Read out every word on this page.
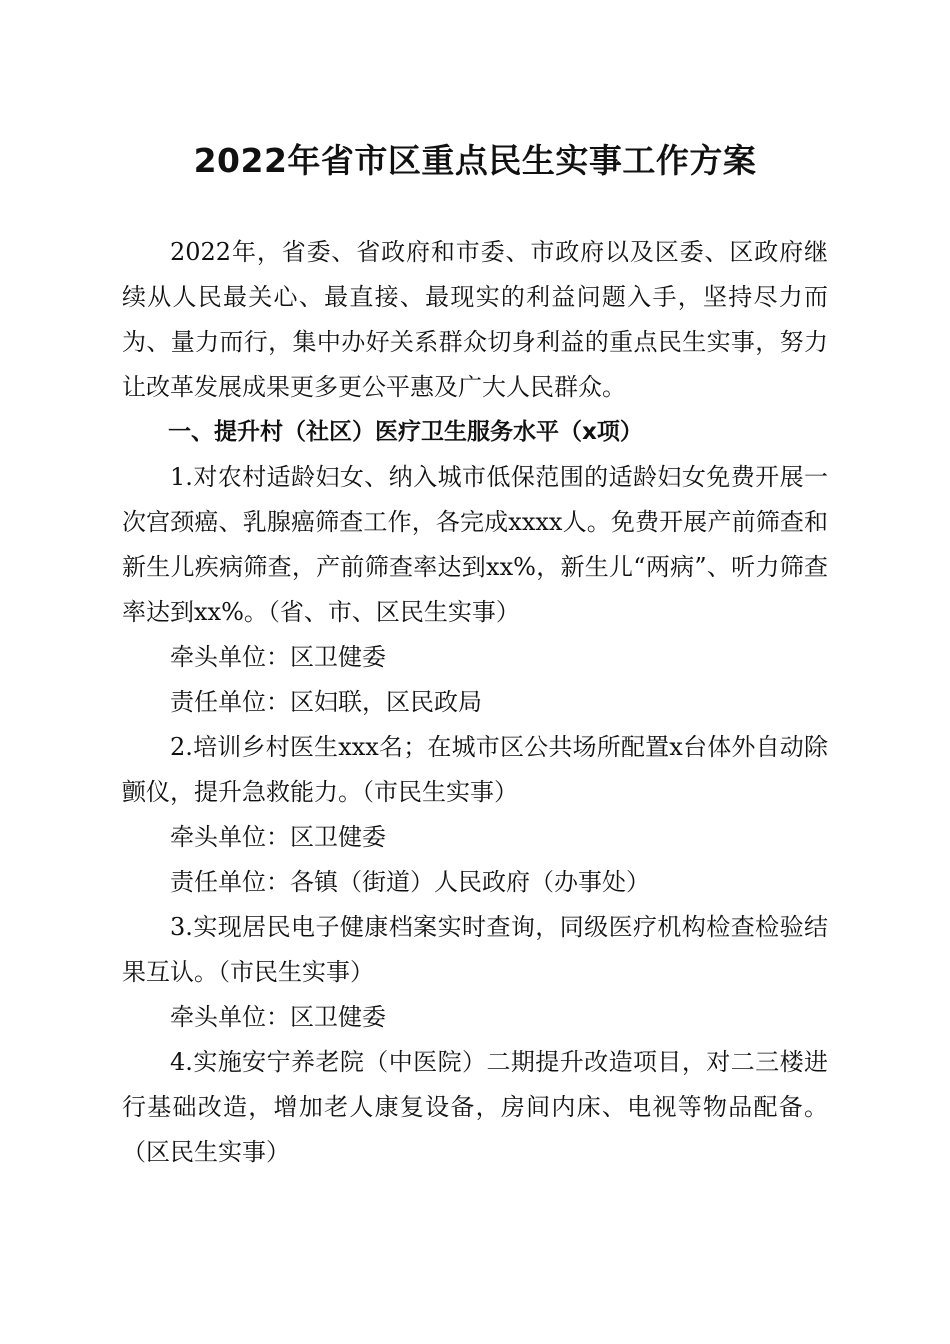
2022年省市区重点民生实事工作方案

2022年，省委、省政府和市委、市政府以及区委、区政府继续从人民最关心、最直接、最现实的利益问题入手，坚持尽力而为、量力而行，集中办好关系群众切身利益的重点民生实事，努力让改革发展成果更多更公平惠及广大人民群众。

一、提升村（社区）医疗卫生服务水平（x项）

1.对农村适龄妇女、纳入城市低保范围的适龄妇女免费开展一次宫颈癌、乳腺癌筛查工作，各完成xxxx人。免费开展产前筛查和新生儿疾病筛查，产前筛查率达到xx%，新生儿“两病”、听力筛查率达到xx%。（省、市、区民生实事）

牵头单位：区卫健委

责任单位：区妇联，区民政局

2.培训乡村医生xxx名；在城市区公共场所配置x台体外自动除颤仪，提升急救能力。（市民生实事）

牵头单位：区卫健委

责任单位：各镇（街道）人民政府（办事处）

3.实现居民电子健康档案实时查询，同级医疗机构检查检验结果互认。（市民生实事）

牵头单位：区卫健委

4.实施安宁养老院（中医院）二期提升改造项目，对二三楼进行基础改造，增加老人康复设备，房间内床、电视等物品配备。（区民生实事）
